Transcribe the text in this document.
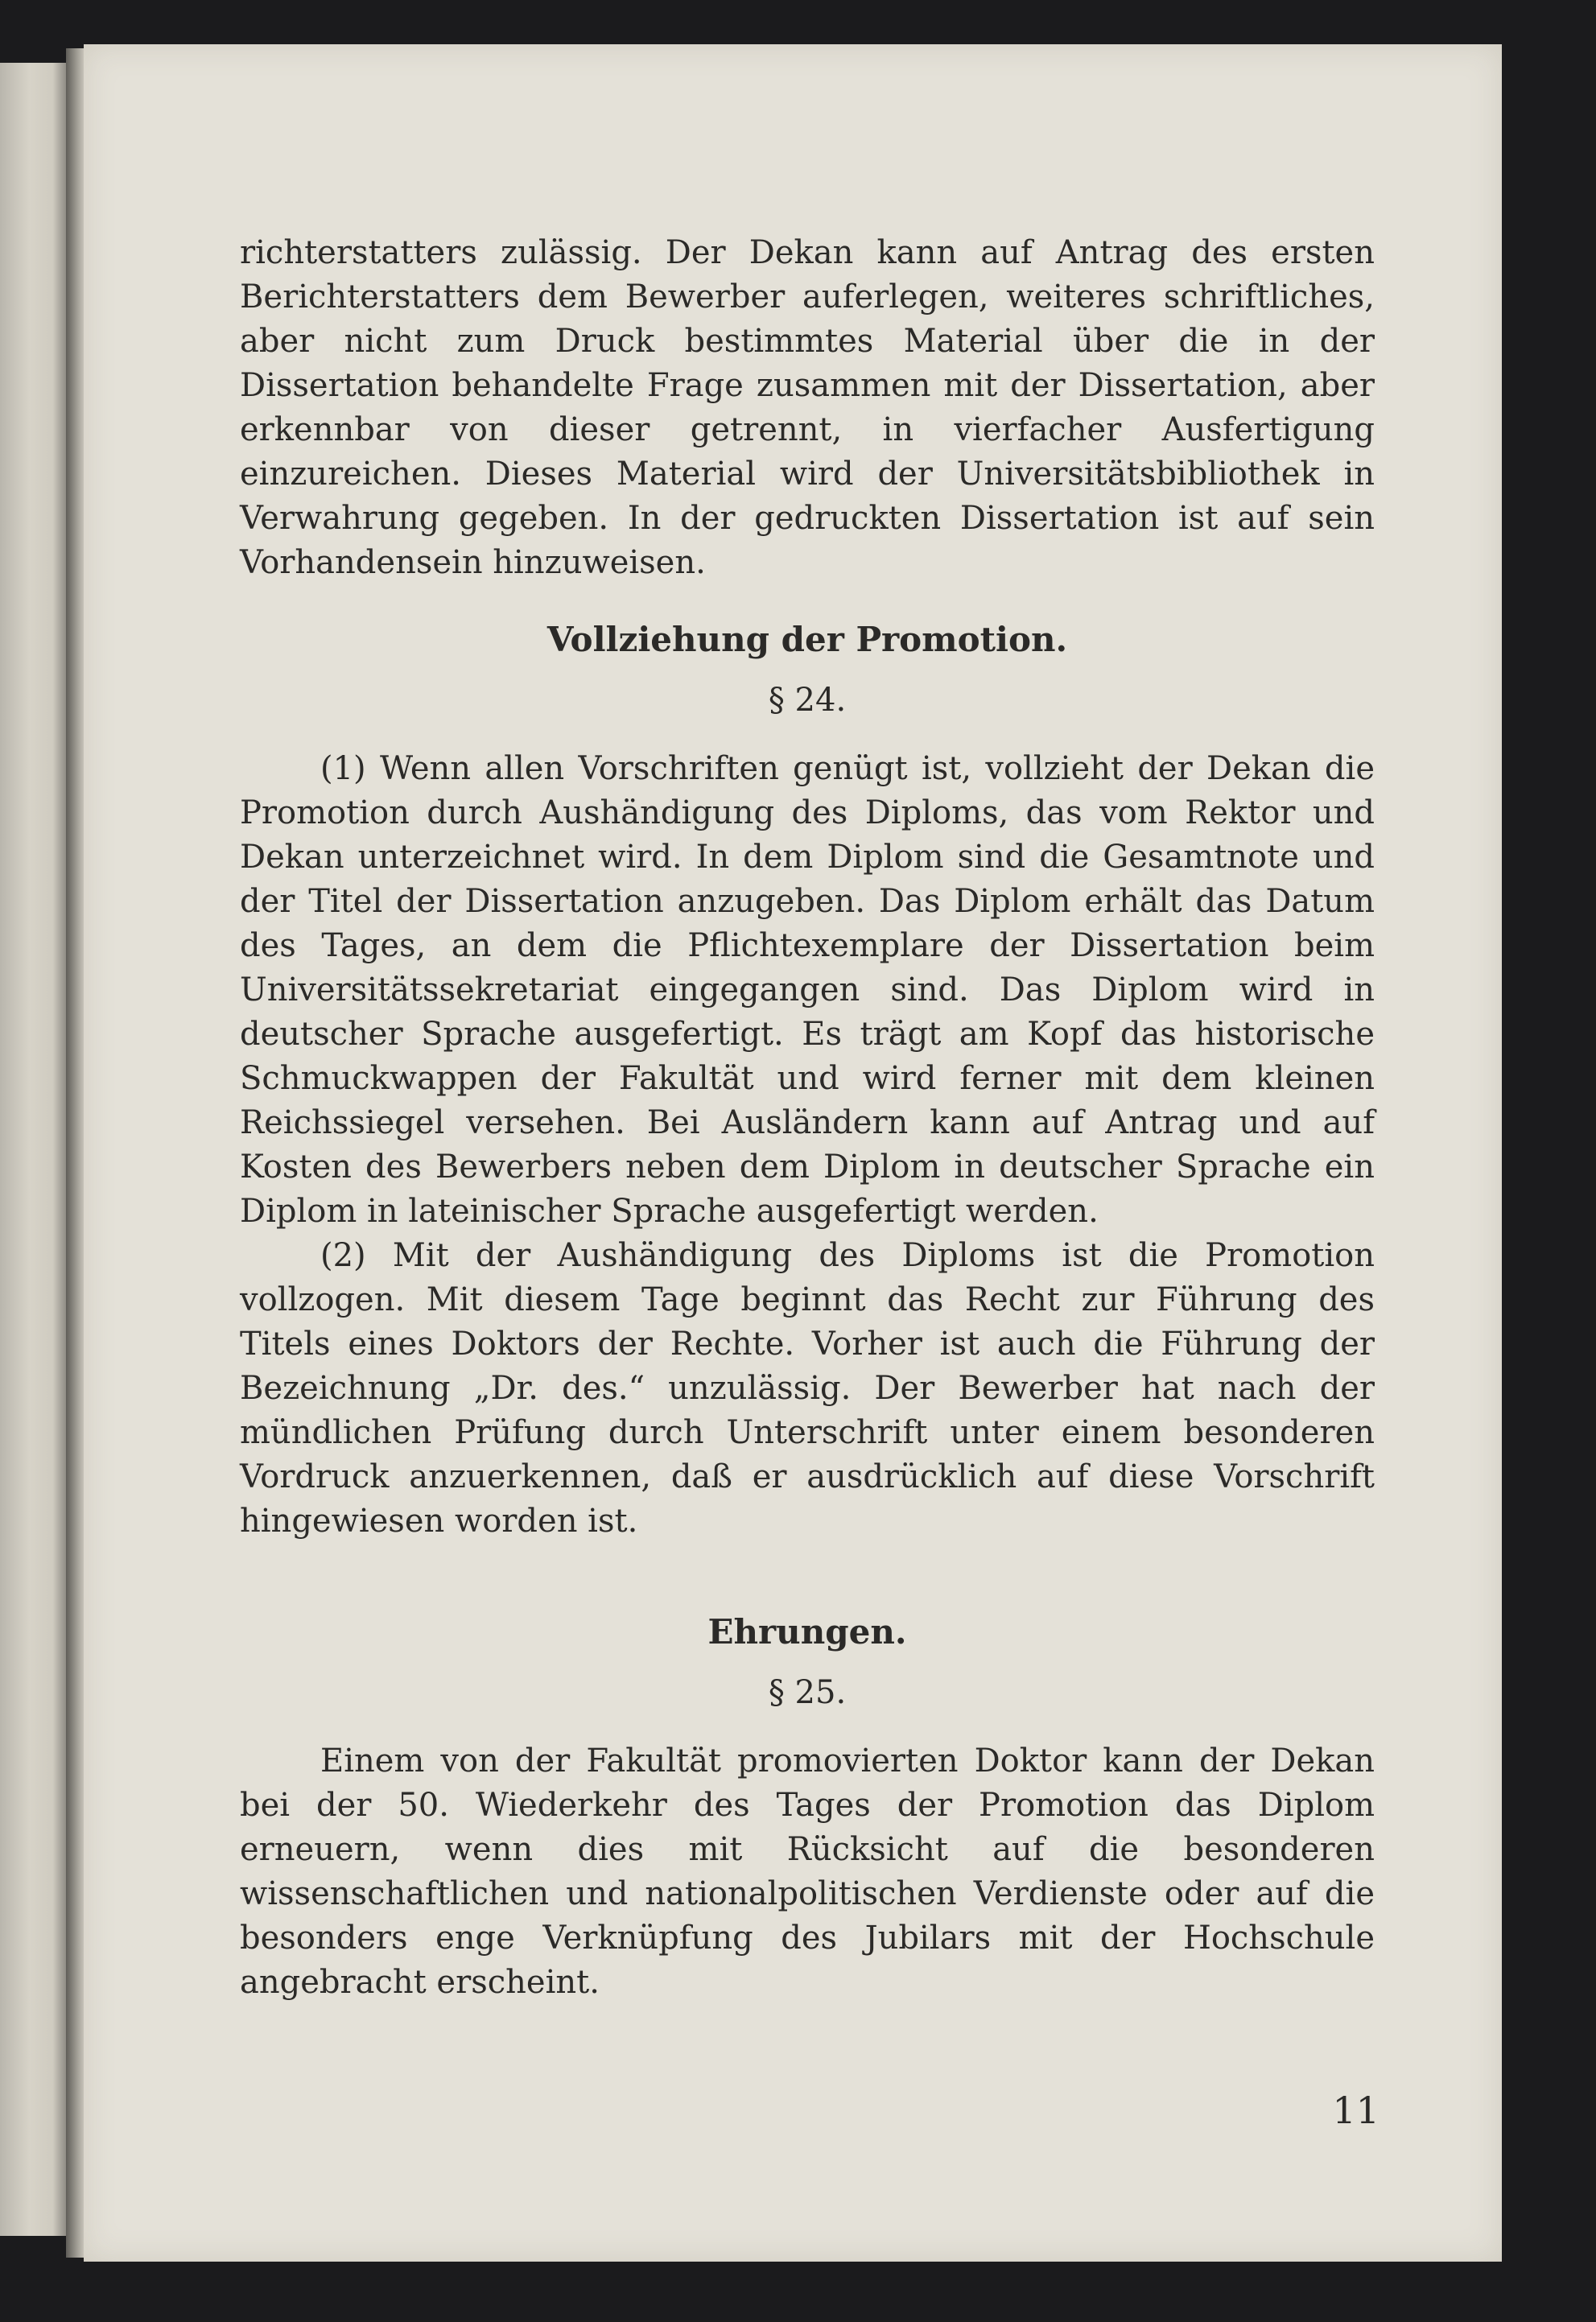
richterstatters zulässig. Der Dekan kann auf Antrag des ersten Berichterstatters dem Bewerber auferlegen, weiteres schriftliches, aber nicht zum Druck bestimmtes Material über die in der Dissertation behandelte Frage zusammen mit der Dissertation, aber erkennbar von dieser getrennt, in vierfacher Ausfertigung einzureichen. Dieses Material wird der Universitätsbibliothek in Verwahrung gegeben. In der gedruckten Dissertation ist auf sein Vorhandensein hinzuweisen.

Vollziehung der Promotion.

§ 24.

(1) Wenn allen Vorschriften genügt ist, vollzieht der Dekan die Promotion durch Aushändigung des Diploms, das vom Rektor und Dekan unterzeichnet wird. In dem Diplom sind die Gesamtnote und der Titel der Dissertation anzugeben. Das Diplom erhält das Datum des Tages, an dem die Pflichtexemplare der Dissertation beim Universitätssekretariat eingegangen sind. Das Diplom wird in deutscher Sprache ausgefertigt. Es trägt am Kopf das historische Schmuckwappen der Fakultät und wird ferner mit dem kleinen Reichssiegel versehen. Bei Ausländern kann auf Antrag und auf Kosten des Bewerbers neben dem Diplom in deutscher Sprache ein Diplom in lateinischer Sprache ausgefertigt werden.

(2) Mit der Aushändigung des Diploms ist die Promotion vollzogen. Mit diesem Tage beginnt das Recht zur Führung des Titels eines Doktors der Rechte. Vorher ist auch die Führung der Bezeichnung „Dr. des.“ unzulässig. Der Bewerber hat nach der mündlichen Prüfung durch Unterschrift unter einem besonderen Vordruck anzuerkennen, daß er ausdrücklich auf diese Vorschrift hingewiesen worden ist.

Ehrungen.

§ 25.

Einem von der Fakultät promovierten Doktor kann der Dekan bei der 50. Wiederkehr des Tages der Promotion das Diplom erneuern, wenn dies mit Rücksicht auf die besonderen wissenschaftlichen und nationalpolitischen Verdienste oder auf die besonders enge Verknüpfung des Jubilars mit der Hochschule angebracht erscheint.

11
